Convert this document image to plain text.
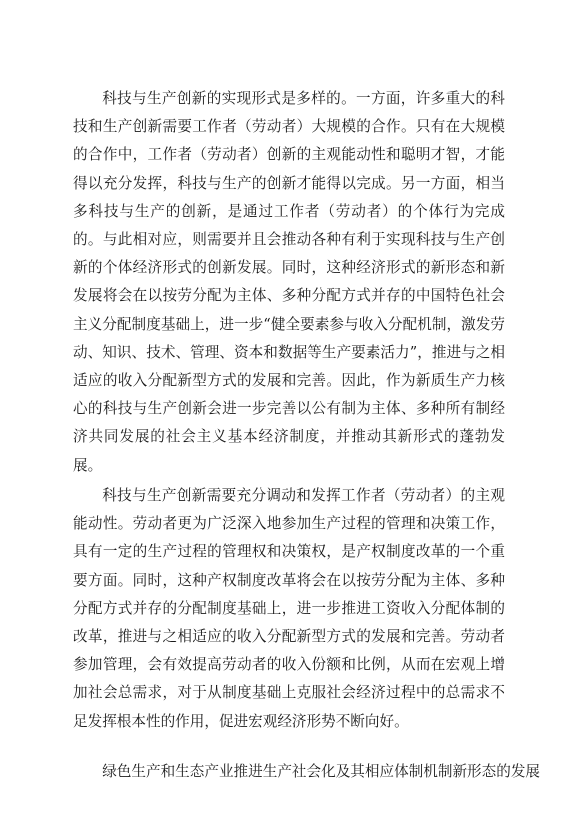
科技与生产创新的实现形式是多样的。一方面，许多重大的科技和生产创新需要工作者（劳动者）大规模的合作。只有在大规模的合作中，工作者（劳动者）创新的主观能动性和聪明才智，才能得以充分发挥，科技与生产的创新才能得以完成。另一方面，相当多科技与生产的创新，是通过工作者（劳动者）的个体行为完成的。与此相对应，则需要并且会推动各种有利于实现科技与生产创新的个体经济形式的创新发展。同时，这种经济形式的新形态和新发展将会在以按劳分配为主体、多种分配方式并存的中国特色社会主义分配制度基础上，进一步“健全要素参与收入分配机制，激发劳动、知识、技术、管理、资本和数据等生产要素活力”，推进与之相适应的收入分配新型方式的发展和完善。因此，作为新质生产力核心的科技与生产创新会进一步完善以公有制为主体、多种所有制经济共同发展的社会主义基本经济制度，并推动其新形式的蓬勃发展。

科技与生产创新需要充分调动和发挥工作者（劳动者）的主观能动性。劳动者更为广泛深入地参加生产过程的管理和决策工作，具有一定的生产过程的管理权和决策权，是产权制度改革的一个重要方面。同时，这种产权制度改革将会在以按劳分配为主体、多种分配方式并存的分配制度基础上，进一步推进工资收入分配体制的改革，推进与之相适应的收入分配新型方式的发展和完善。劳动者参加管理，会有效提高劳动者的收入份额和比例，从而在宏观上增加社会总需求，对于从制度基础上克服社会经济过程中的总需求不足发挥根本性的作用，促进宏观经济形势不断向好。

绿色生产和生态产业推进生产社会化及其相应体制机制新形态的发展
